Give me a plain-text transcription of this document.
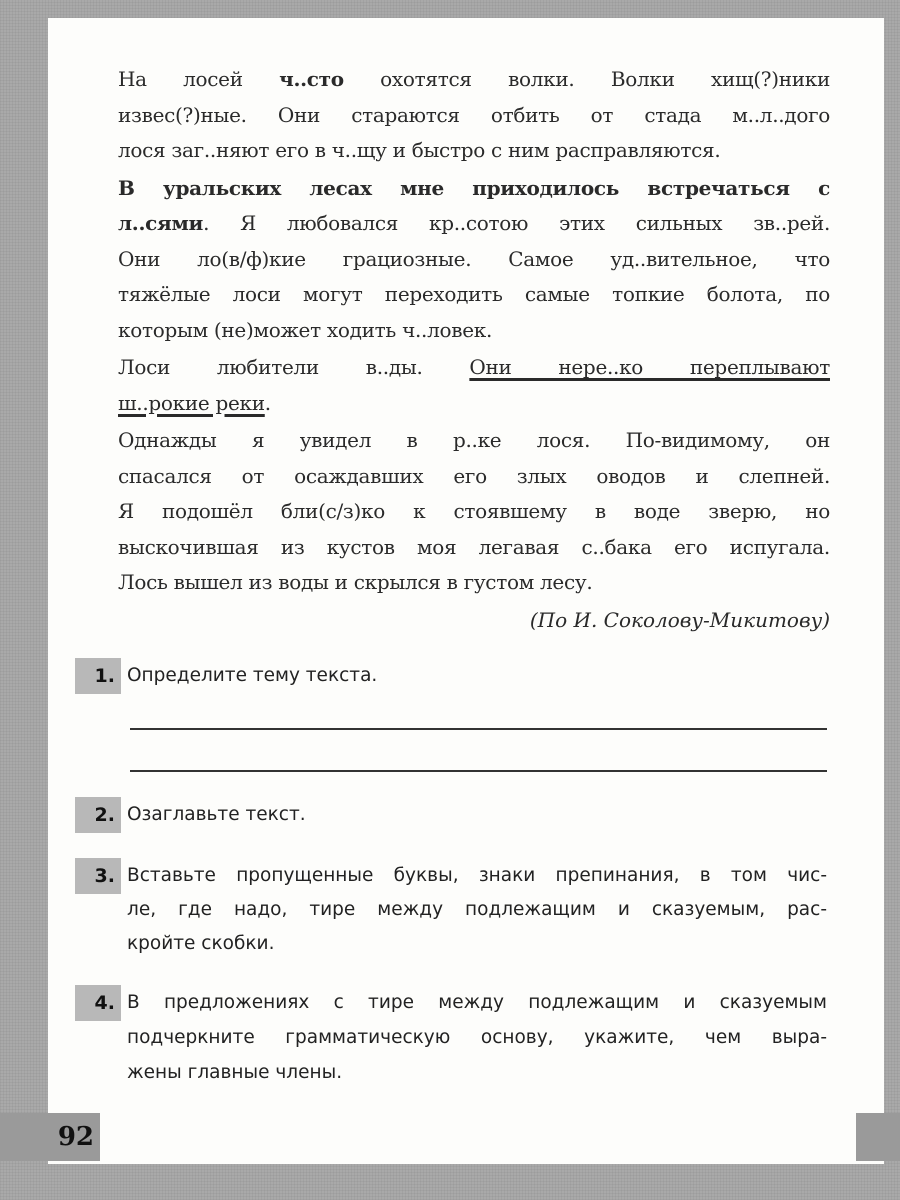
На лосей ч..сто охотятся волки. Волки хищ(?)ники
извес(?)ные. Они стараются отбить от стада м..л..дого
лося заг..няют его в ч..щу и быстро с ним расправляются.
В уральских лесах мне приходилось встречаться с
л..сями. Я любовался кр..сотою этих сильных зв..рей.
Они ло(в/ф)кие грациозные. Самое уд..вительное, что
тяжёлые лоси могут переходить самые топкие болота, по
которым (не)может ходить ч..ловек.
Лоси любители в..ды. Они нере..ко переплывают
ш..рокие реки.
Однажды я увидел в р..ке лося. По-видимому, он
спасался от осаждавших его злых оводов и слепней.
Я подошёл бли(с/з)ко к стоявшему в воде зверю, но
выскочившая из кустов моя легавая с..бака его испугала.
Лось вышел из воды и скрылся в густом лесу.
(По И. Соколову-Микитову)
1. Определите тему текста.
2. Озаглавьте текст.
3. Вставьте пропущенные буквы, знаки препинания, в том чис-
ле, где надо, тире между подлежащим и сказуемым, рас-
кройте скобки.
4. В предложениях с тире между подлежащим и сказуемым
подчеркните грамматическую основу, укажите, чем выра-
жены главные члены.
92
